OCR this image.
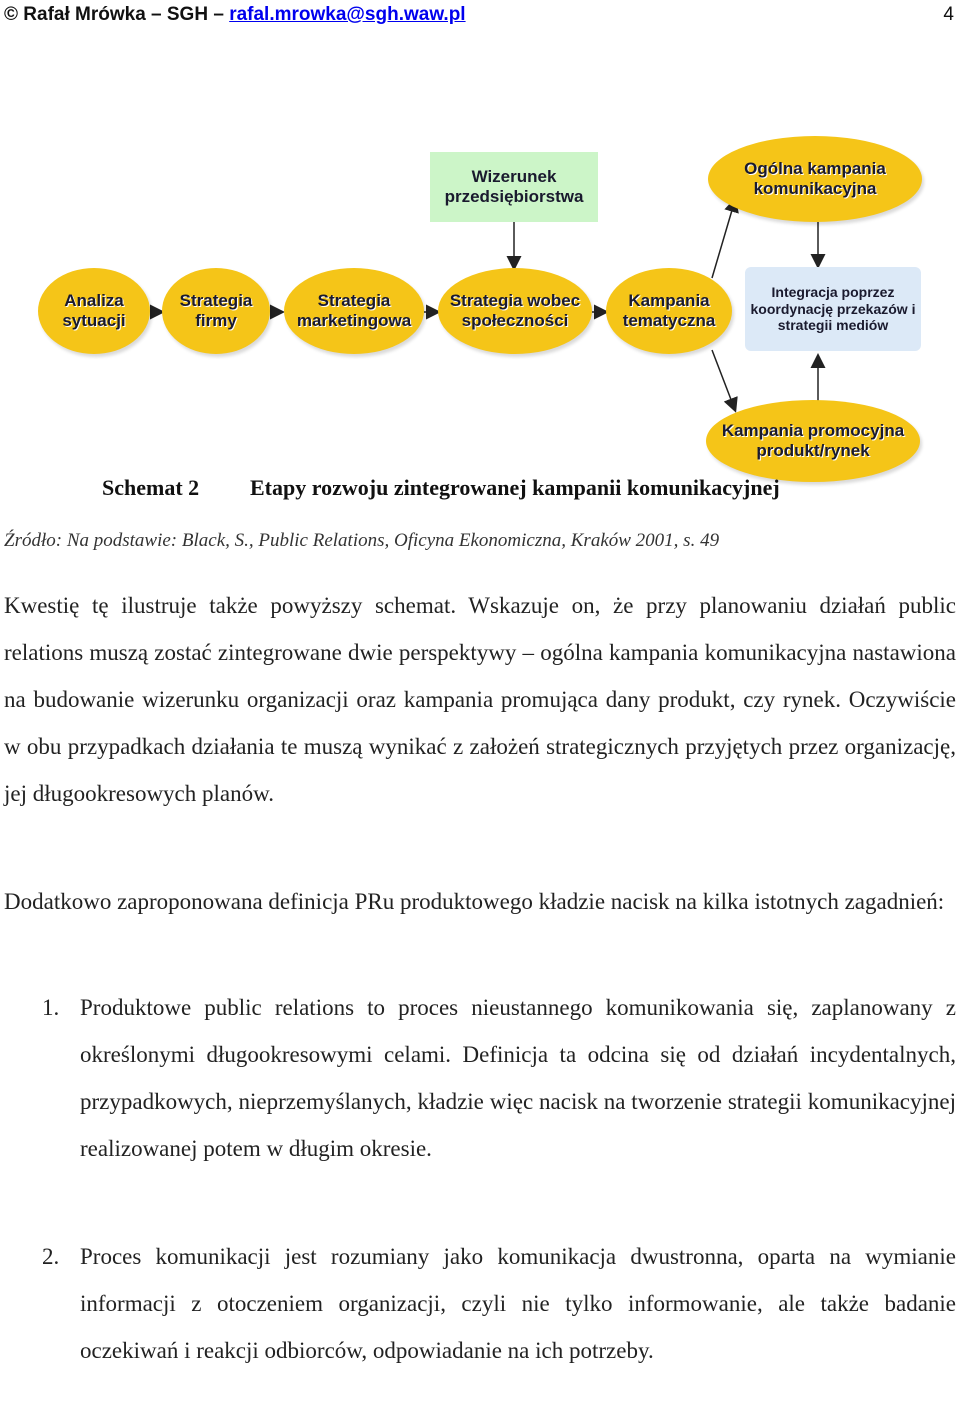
© Rafał Mrówka – SGH – rafal.mrowka@sgh.waw.pl	4
Wizerunek przedsiębiorstwa
Analiza sytuacji
Strategia firmy
Strategia marketingowa
Strategia wobec społeczności
Kampania tematyczna
Ogólna kampania komunikacyjna
Integracja poprzez koordynację przekazów i strategii mediów
Kampania promocyjna produkt/rynek
Schemat 2 Etapy rozwoju zintegrowanej kampanii komunikacyjnej
Źródło: Na podstawie: Black, S., Public Relations, Oficyna Ekonomiczna, Kraków 2001, s. 49
Kwestię tę ilustruje także powyższy schemat. Wskazuje on, że przy planowaniu działań public relations muszą zostać zintegrowane dwie perspektywy – ogólna kampania komunikacyjna nastawiona na budowanie wizerunku organizacji oraz kampania promująca dany produkt, czy rynek. Oczywiście w obu przypadkach działania te muszą wynikać z założeń strategicznych przyjętych przez organizację, jej długookresowych planów.
Dodatkowo zaproponowana definicja PRu produktowego kładzie nacisk na kilka istotnych zagadnień:
1. Produktowe public relations to proces nieustannego komunikowania się, zaplanowany z określonymi długookresowymi celami. Definicja ta odcina się od działań incydentalnych, przypadkowych, nieprzemyślanych, kładzie więc nacisk na tworzenie strategii komunikacyjnej realizowanej potem w długim okresie.
2. Proces komunikacji jest rozumiany jako komunikacja dwustronna, oparta na wymianie informacji z otoczeniem organizacji, czyli nie tylko informowanie, ale także badanie oczekiwań i reakcji odbiorców, odpowiadanie na ich potrzeby.
